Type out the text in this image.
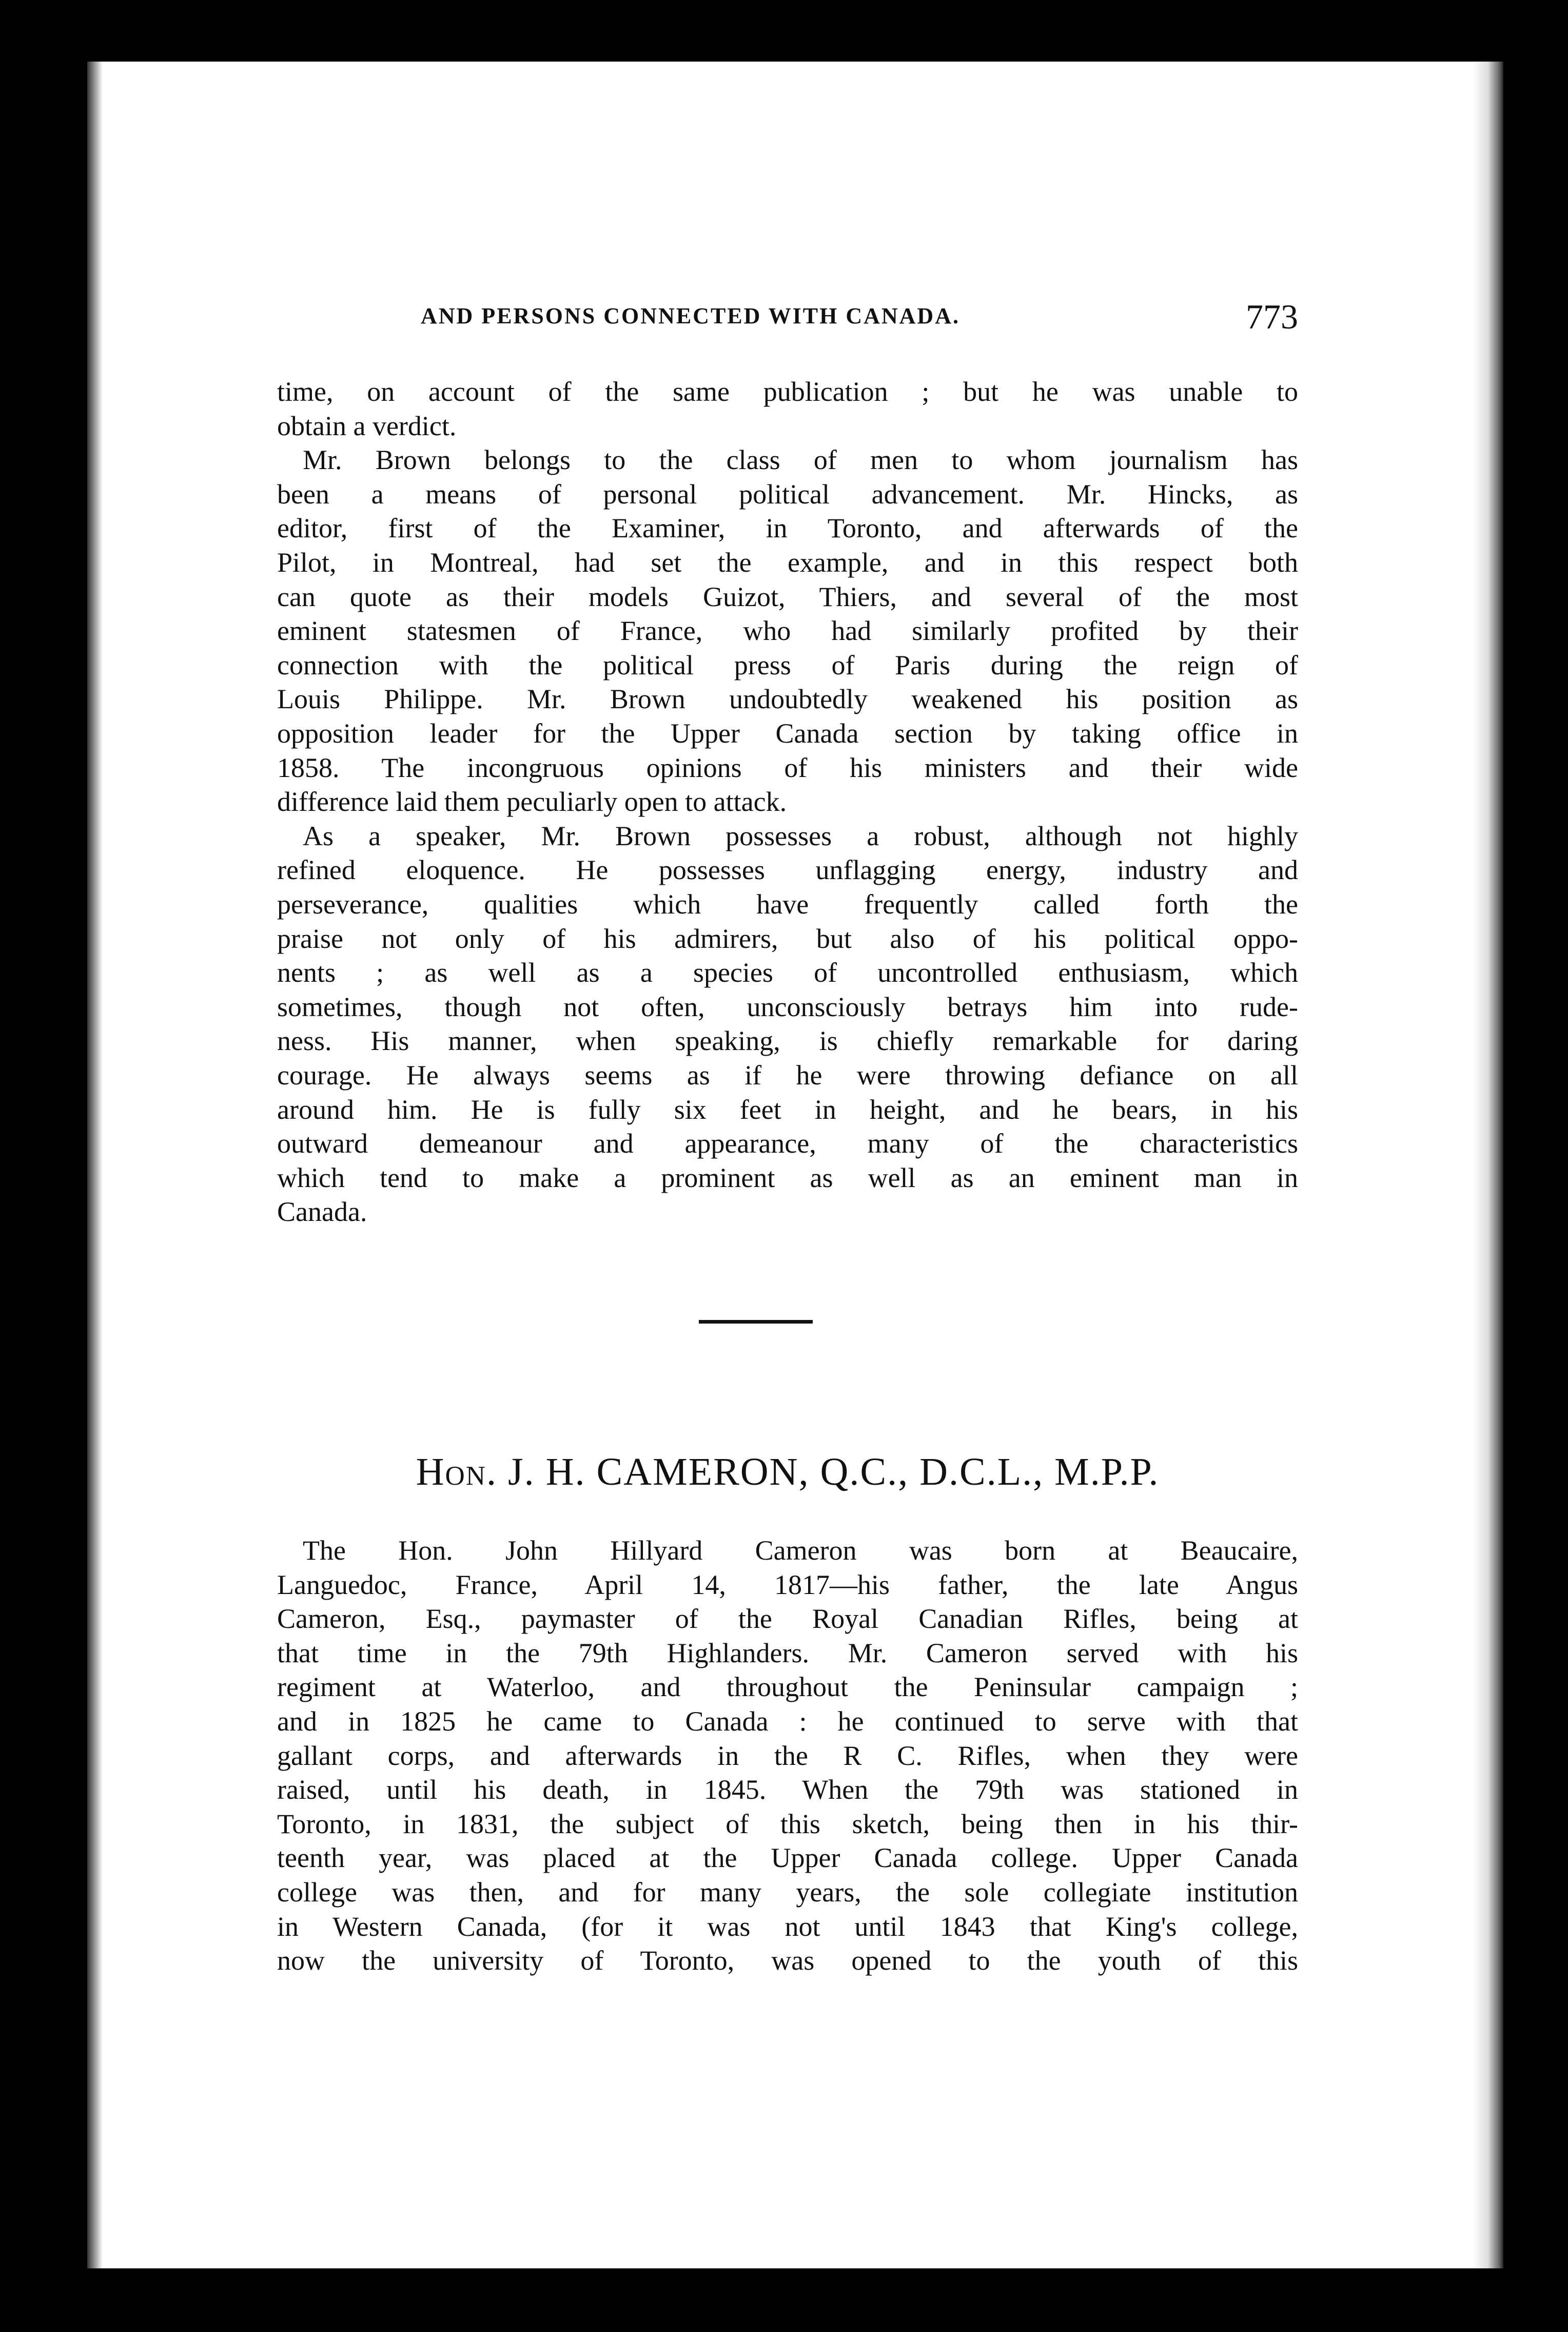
AND PERSONS CONNECTED WITH CANADA.	773
time, on account of the same publication ; but he was unable to
obtain a verdict.
Mr. Brown belongs to the class of men to whom journalism has
been a means of personal political advancement. Mr. Hincks, as
editor, first of the Examiner, in Toronto, and afterwards of the
Pilot, in Montreal, had set the example, and in this respect both
can quote as their models Guizot, Thiers, and several of the most
eminent statesmen of France, who had similarly profited by their
connection with the political press of Paris during the reign of
Louis Philippe. Mr. Brown undoubtedly weakened his position as
opposition leader for the Upper Canada section by taking office in
1858. The incongruous opinions of his ministers and their wide
difference laid them peculiarly open to attack.
As a speaker, Mr. Brown possesses a robust, although not highly
refined eloquence. He possesses unflagging energy, industry and
perseverance, qualities which have frequently called forth the
praise not only of his admirers, but also of his political oppo-
nents ; as well as a species of uncontrolled enthusiasm, which
sometimes, though not often, unconsciously betrays him into rude-
ness. His manner, when speaking, is chiefly remarkable for daring
courage. He always seems as if he were throwing defiance on all
around him. He is fully six feet in height, and he bears, in his
outward demeanour and appearance, many of the characteristics
which tend to make a prominent as well as an eminent man in
Canada.
Hon. J. H. CAMERON, Q.C., D.C.L., M.P.P.
The Hon. John Hillyard Cameron was born at Beaucaire,
Languedoc, France, April 14, 1817—his father, the late Angus
Cameron, Esq., paymaster of the Royal Canadian Rifles, being at
that time in the 79th Highlanders. Mr. Cameron served with his
regiment at Waterloo, and throughout the Peninsular campaign ;
and in 1825 he came to Canada : he continued to serve with that
gallant corps, and afterwards in the R C. Rifles, when they were
raised, until his death, in 1845. When the 79th was stationed in
Toronto, in 1831, the subject of this sketch, being then in his thir-
teenth year, was placed at the Upper Canada college. Upper Canada
college was then, and for many years, the sole collegiate institution
in Western Canada, (for it was not until 1843 that King's college,
now the university of Toronto, was opened to the youth of this
